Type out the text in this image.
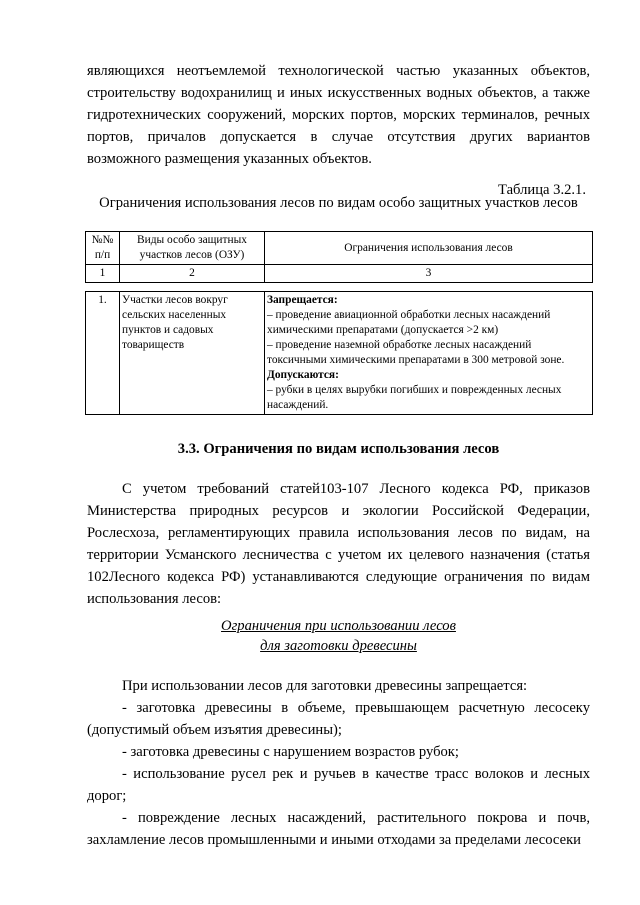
являющихся неотъемлемой технологической частью указанных объектов, строительству водохранилищ и иных искусственных водных объектов, а также гидротехнических сооружений, морских портов, морских терминалов, речных портов, причалов допускается в случае отсутствия других вариантов возможного размещения указанных объектов.
Таблица 3.2.1.
Ограничения использования лесов по видам особо защитных участков лесов
№№ п/п	Виды особо защитных участков лесов (ОЗУ)	Ограничения использования лесов
1	2	3

1.	Участки лесов вокруг сельских населенных пунктов и садовых товариществ	Запрещается:
– проведение авиационной обработки лесных насаждений химическими препаратами (допускается >2 км)
– проведение наземной обработке лесных насаждений токсичными химическими препаратами в 300 метровой зоне.
Допускаются:
– рубки в целях вырубки погибших и поврежденных лесных насаждений.
3.3. Ограничения по видам использования лесов
С учетом требований статей103-107 Лесного кодекса РФ, приказов Министерства природных ресурсов и экологии Российской Федерации, Рослесхоза, регламентирующих правила использования лесов по видам, на территории Усманского лесничества с учетом их целевого назначения (статья 102Лесного кодекса РФ) устанавливаются следующие ограничения по видам использования лесов:
Ограничения при использовании лесов
для заготовки древесины
При использовании лесов для заготовки древесины запрещается:
- заготовка древесины в объеме, превышающем расчетную лесосеку (допустимый объем изъятия древесины);
- заготовка древесины с нарушением возрастов рубок;
- использование русел рек и ручьев в качестве трасс волоков и лесных дорог;
- повреждение лесных насаждений, растительного покрова и почв, захламление лесов промышленными и иными отходами за пределами лесосеки
